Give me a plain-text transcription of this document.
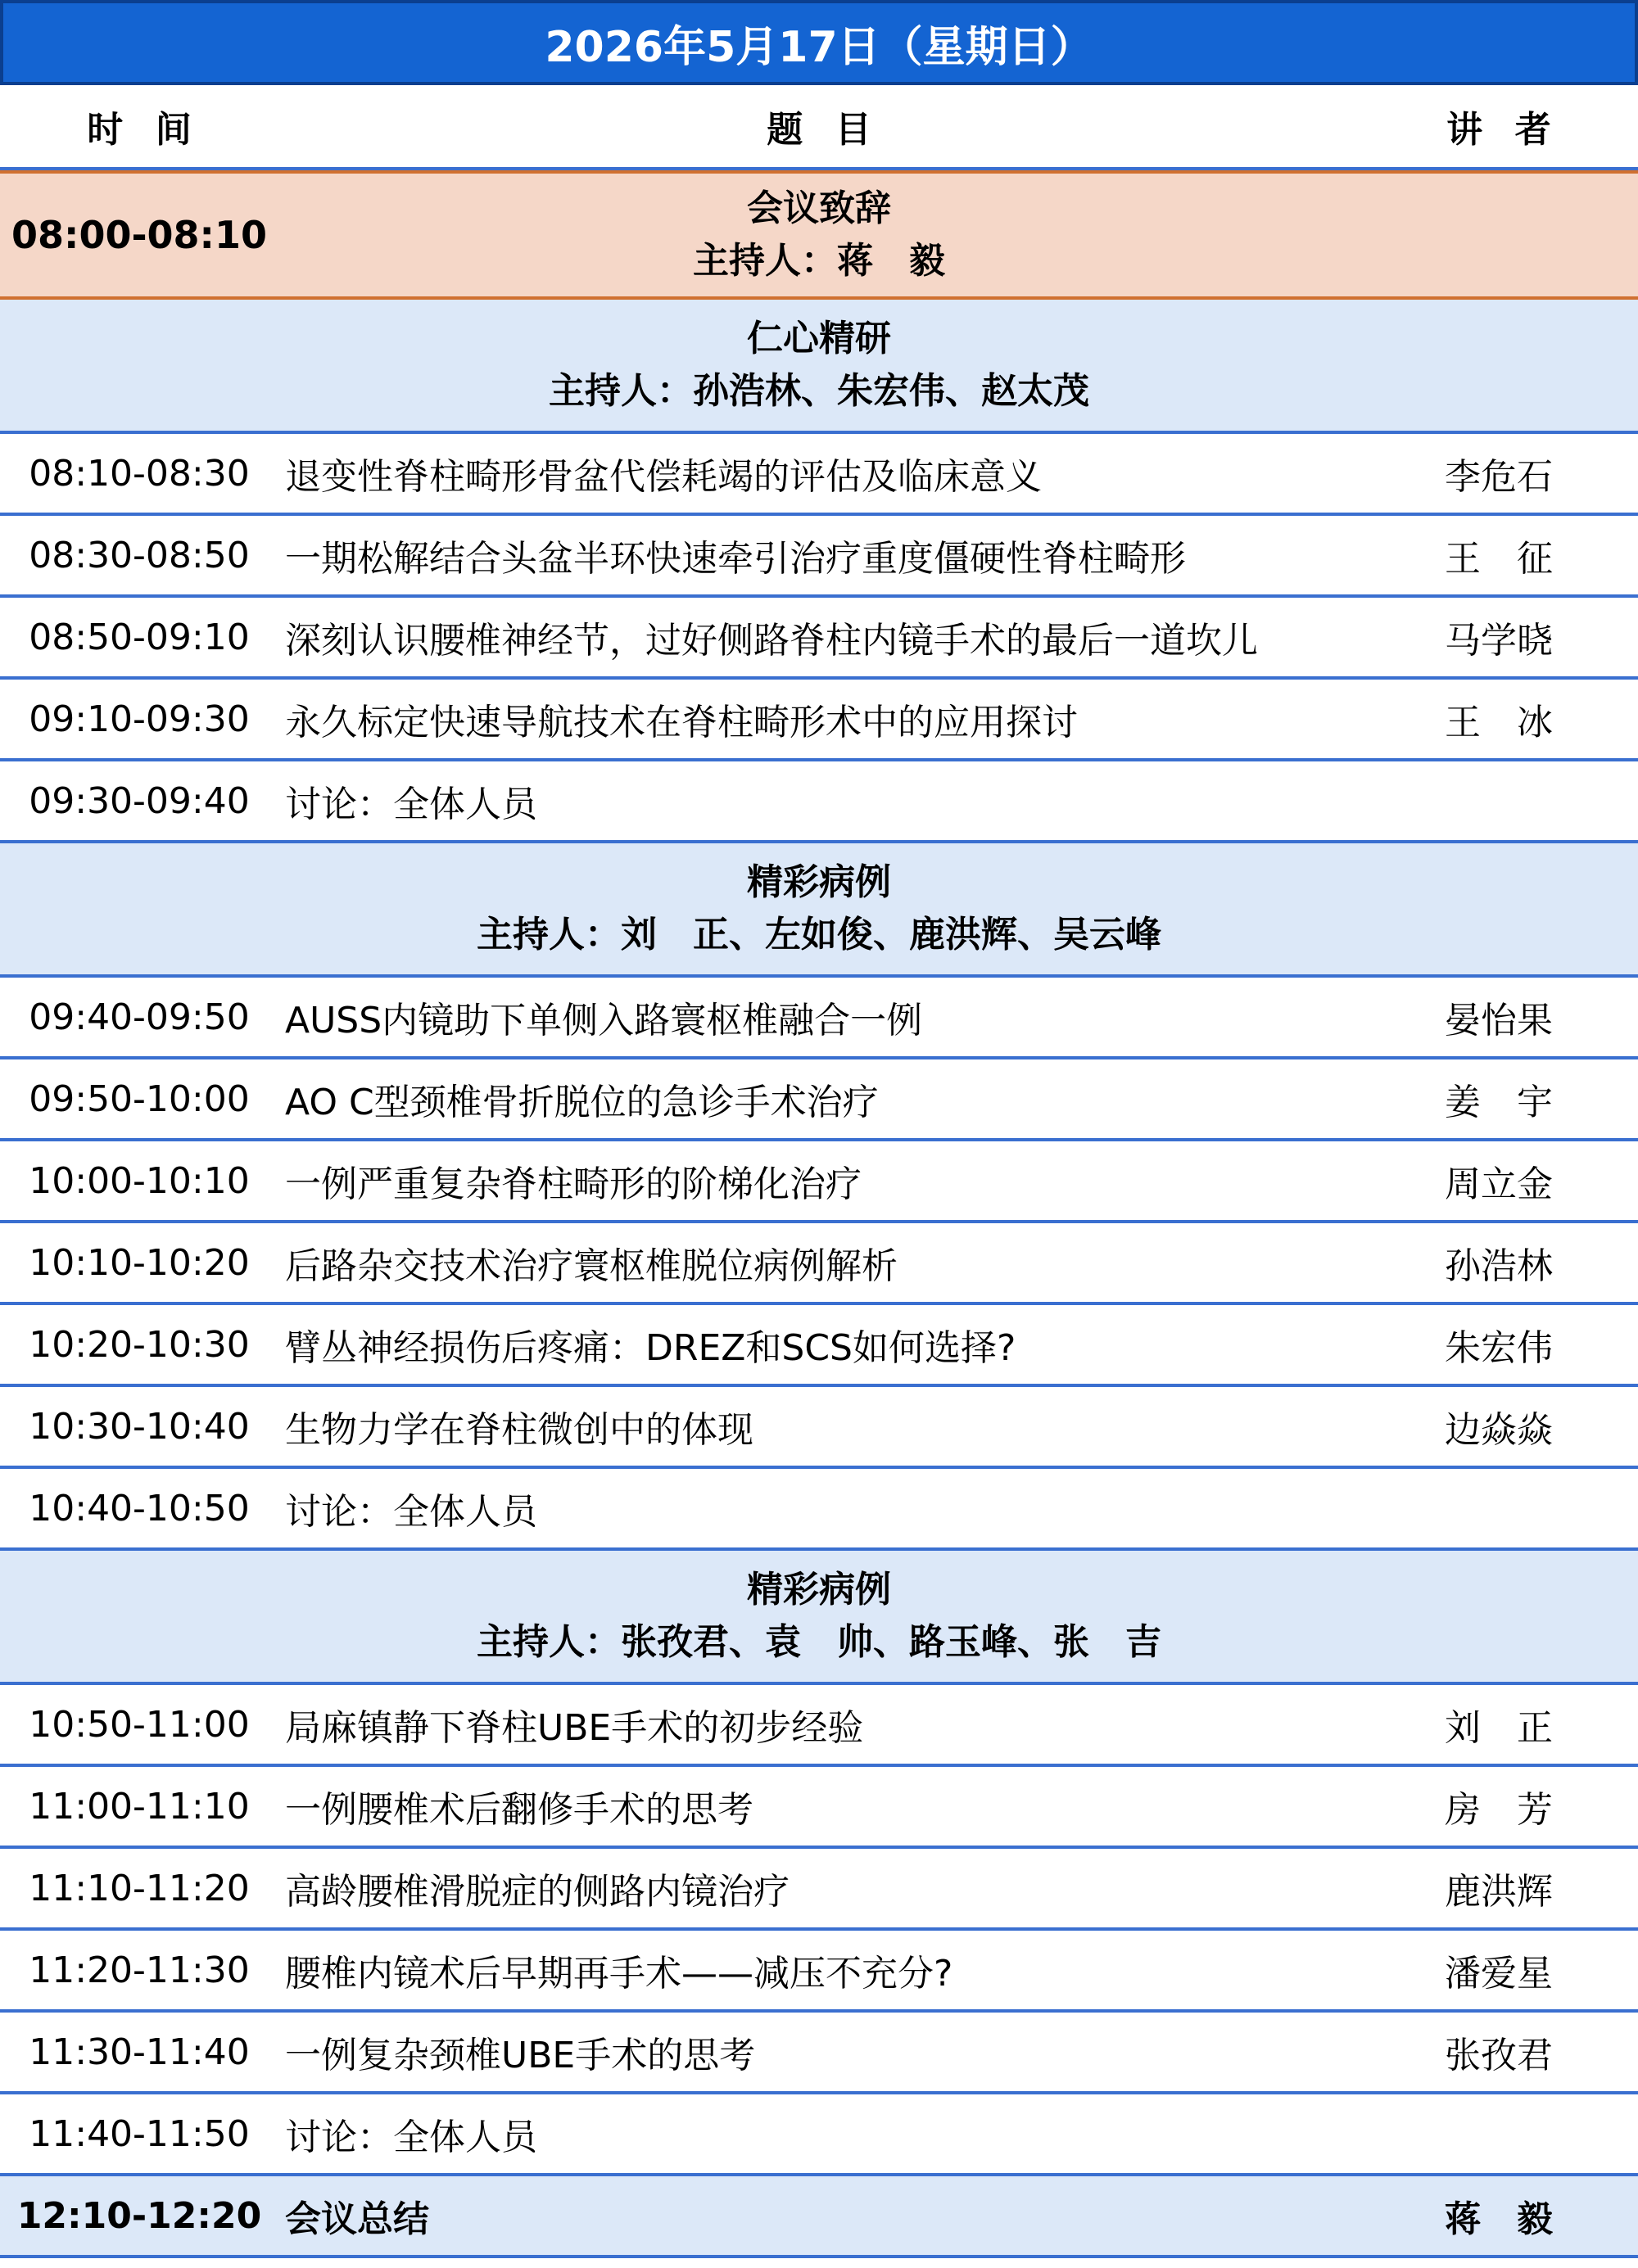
2026年5月17日（星期日）
时间	题目	讲者
08:00-08:10
会议致辞
主持人：蒋　毅
仁心精研
主持人：孙浩林、朱宏伟、赵太茂
08:10-08:30 退变性脊柱畸形骨盆代偿耗竭的评估及临床意义	李危石
08:30-08:50 一期松解结合头盆半环快速牵引治疗重度僵硬性脊柱畸形	王　征
08:50-09:10 深刻认识腰椎神经节，过好侧路脊柱内镜手术的最后一道坎儿	马学晓
09:10-09:30 永久标定快速导航技术在脊柱畸形术中的应用探讨	王　冰
09:30-09:40 讨论：全体人员
精彩病例
主持人：刘　正、左如俊、鹿洪辉、吴云峰
09:40-09:50 AUSS内镜助下单侧入路寰枢椎融合一例	晏怡果
09:50-10:00 AO C型颈椎骨折脱位的急诊手术治疗	姜　宇
10:00-10:10 一例严重复杂脊柱畸形的阶梯化治疗	周立金
10:10-10:20 后路杂交技术治疗寰枢椎脱位病例解析	孙浩林
10:20-10:30 臂丛神经损伤后疼痛：DREZ和SCS如何选择?	朱宏伟
10:30-10:40 生物力学在脊柱微创中的体现	边焱焱
10:40-10:50 讨论：全体人员
精彩病例
主持人：张孜君、袁　帅、路玉峰、张　吉
10:50-11:00 局麻镇静下脊柱UBE手术的初步经验	刘　正
11:00-11:10 一例腰椎术后翻修手术的思考	房　芳
11:10-11:20 高龄腰椎滑脱症的侧路内镜治疗	鹿洪辉
11:20-11:30 腰椎内镜术后早期再手术——减压不充分?	潘爱星
11:30-11:40 一例复杂颈椎UBE手术的思考	张孜君
11:40-11:50 讨论：全体人员
12:10-12:20 会议总结	蒋　毅
